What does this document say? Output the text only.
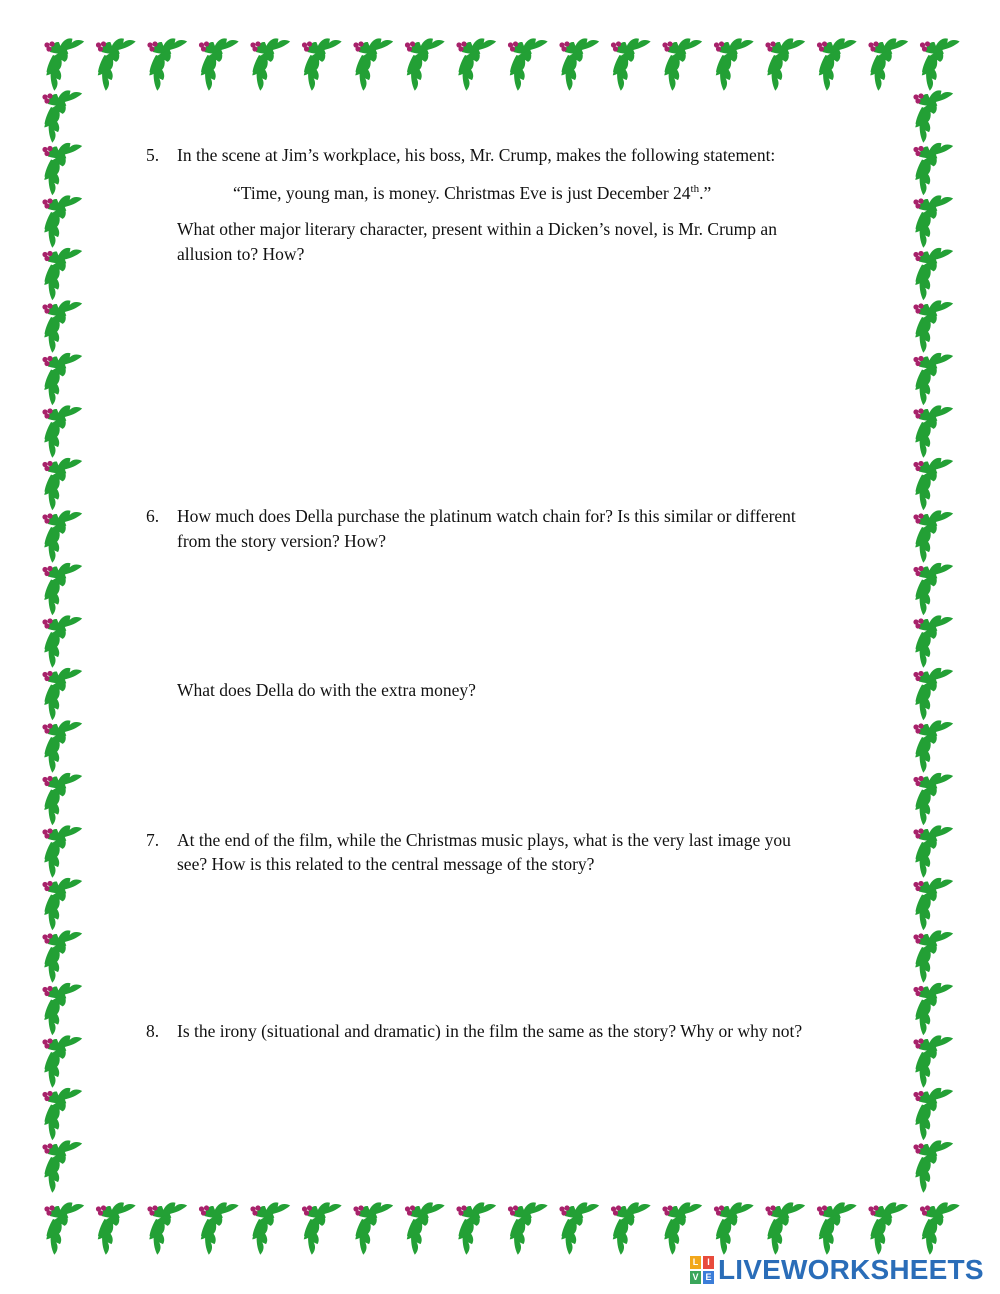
5. In the scene at Jim’s workplace, his boss, Mr. Crump, makes the following statement:
“Time, young man, is money. Christmas Eve is just December 24th.”
What other major literary character, present within a Dicken’s novel, is Mr. Crump an
allusion to? How?
6. How much does Della purchase the platinum watch chain for? Is this similar or different
from the story version? How?
What does Della do with the extra money?
7. At the end of the film, while the Christmas music plays, what is the very last image you
see? How is this related to the central message of the story?
8. Is the irony (situational and dramatic) in the film the same as the story? Why or why not?
L I
V E LIVEWORKSHEETS
